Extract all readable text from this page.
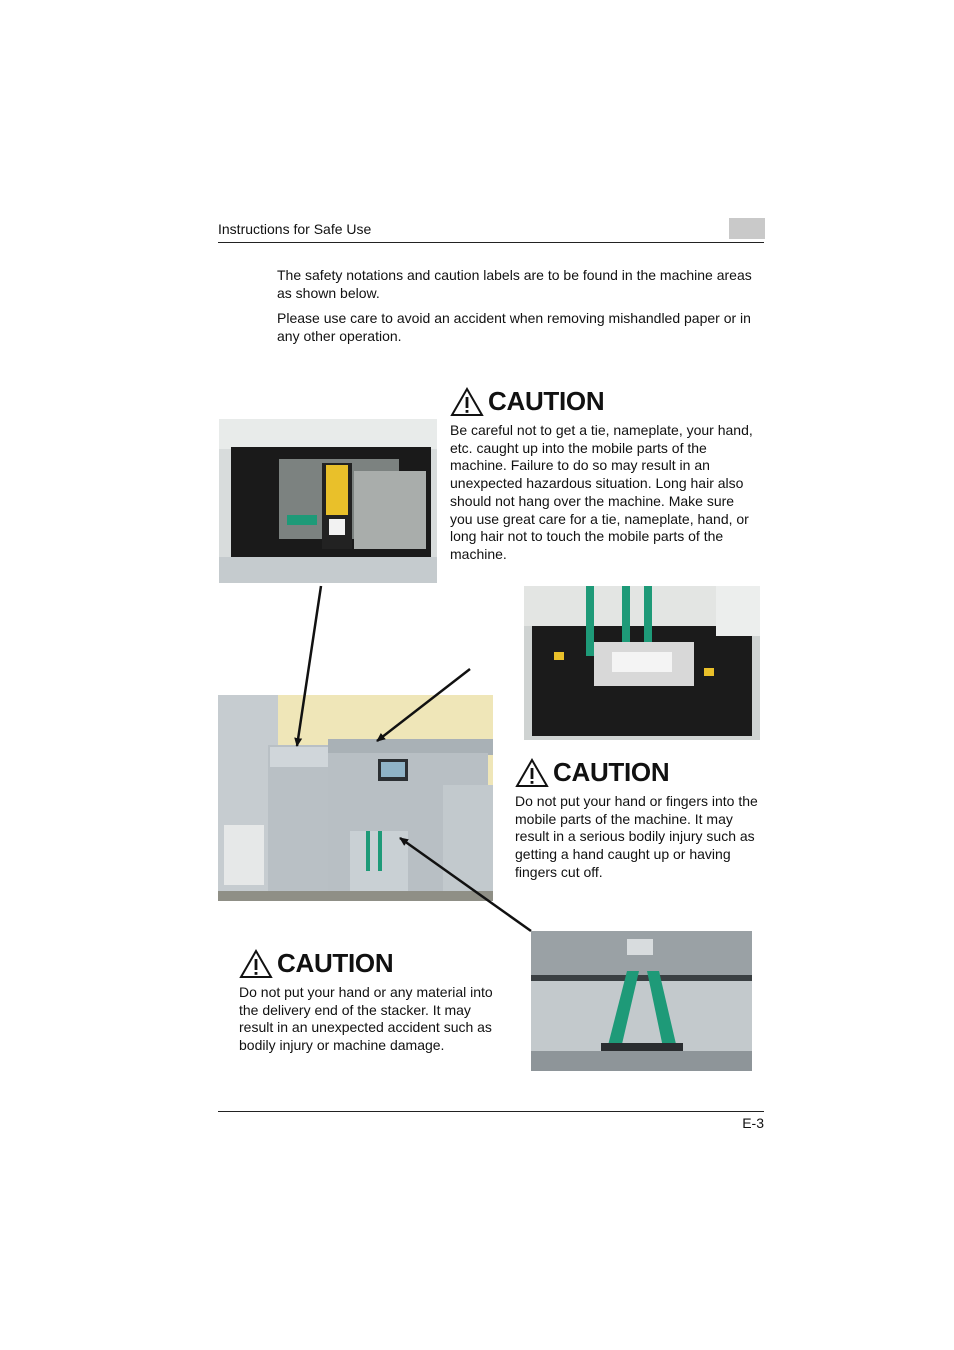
Instructions for Safe Use
The safety notations and caution labels are to be found in the machine areas as shown below.
Please use care to avoid an accident when removing mishandled paper or in any other operation.
CAUTION
Be careful not to get a tie, nameplate, your hand, etc. caught up into the mobile parts of the machine. Failure to do so may result in an unexpected hazardous situation. Long hair also should not hang over the machine. Make sure you use great care for a tie, nameplate, hand, or long hair not to touch the mobile parts of the machine.
CAUTION
Do not put your hand or fingers into the mobile parts of the machine. It may result in a serious bodily injury such as getting a hand caught up or having fingers cut off.
CAUTION
Do not put your hand or any material into the delivery end of the stacker. It may result in an unexpected accident such as bodily injury or machine damage.
E-3
